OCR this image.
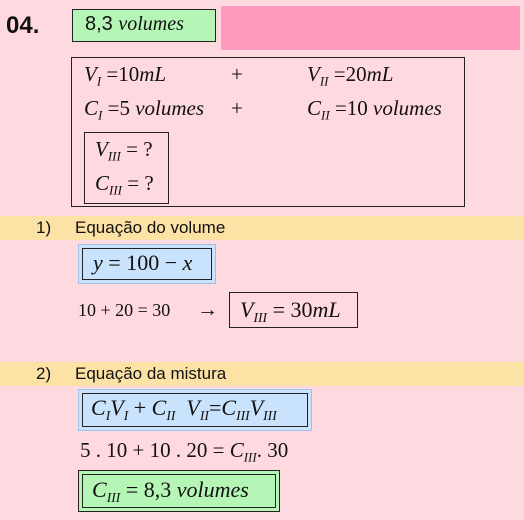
04.	8,3 volumes
$V_I =10mL$	+	$V_{II} =20mL$
$C_I =5$ volumes +	$C_{II} =10$ volumes
$V_{III}$ = ?
$C_{III}$ = ?
1) Equação do volume
y = 100 − x
$10 + 20 = 30 \to V_{III} = 30mL$
2) Equação da mistura
$C_IV_I + C_{II}$ $V_{II}=C_{III}V_{III}$
5 . 10 + 10 . $20 = C_{III}$. 30
$C_{III} = 8,3$ volumes
